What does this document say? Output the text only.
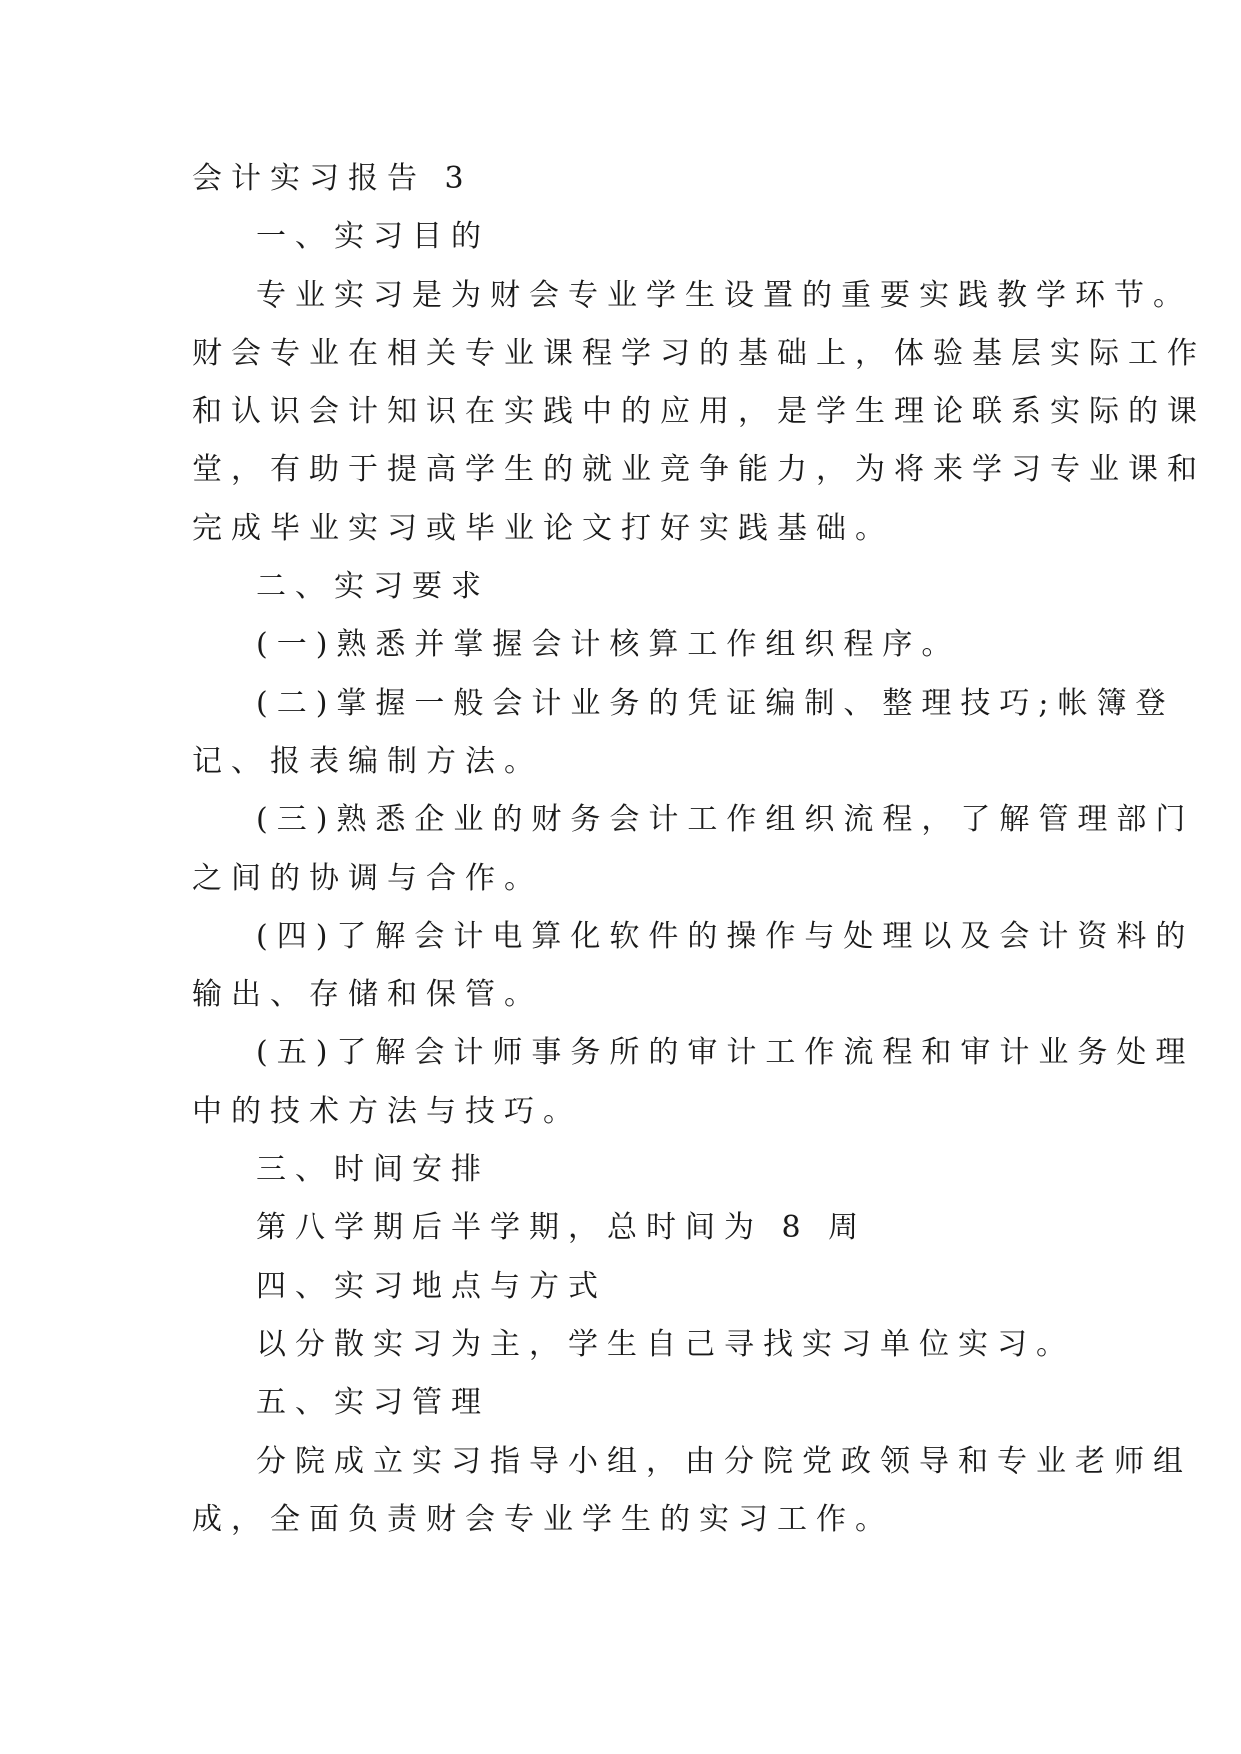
会计实习报告 3
一、实习目的
专业实习是为财会专业学生设置的重要实践教学环节。
财会专业在相关专业课程学习的基础上，体验基层实际工作
和认识会计知识在实践中的应用，是学生理论联系实际的课
堂，有助于提高学生的就业竞争能力，为将来学习专业课和
完成毕业实习或毕业论文打好实践基础。
二、实习要求
(一)熟悉并掌握会计核算工作组织程序。
(二)掌握一般会计业务的凭证编制、整理技巧;帐簿登
记、报表编制方法。
(三)熟悉企业的财务会计工作组织流程，了解管理部门
之间的协调与合作。
(四)了解会计电算化软件的操作与处理以及会计资料的
输出、存储和保管。
(五)了解会计师事务所的审计工作流程和审计业务处理
中的技术方法与技巧。
三、时间安排
第八学期后半学期，总时间为 8 周
四、实习地点与方式
以分散实习为主，学生自己寻找实习单位实习。
五、实习管理
分院成立实习指导小组，由分院党政领导和专业老师组
成，全面负责财会专业学生的实习工作。
